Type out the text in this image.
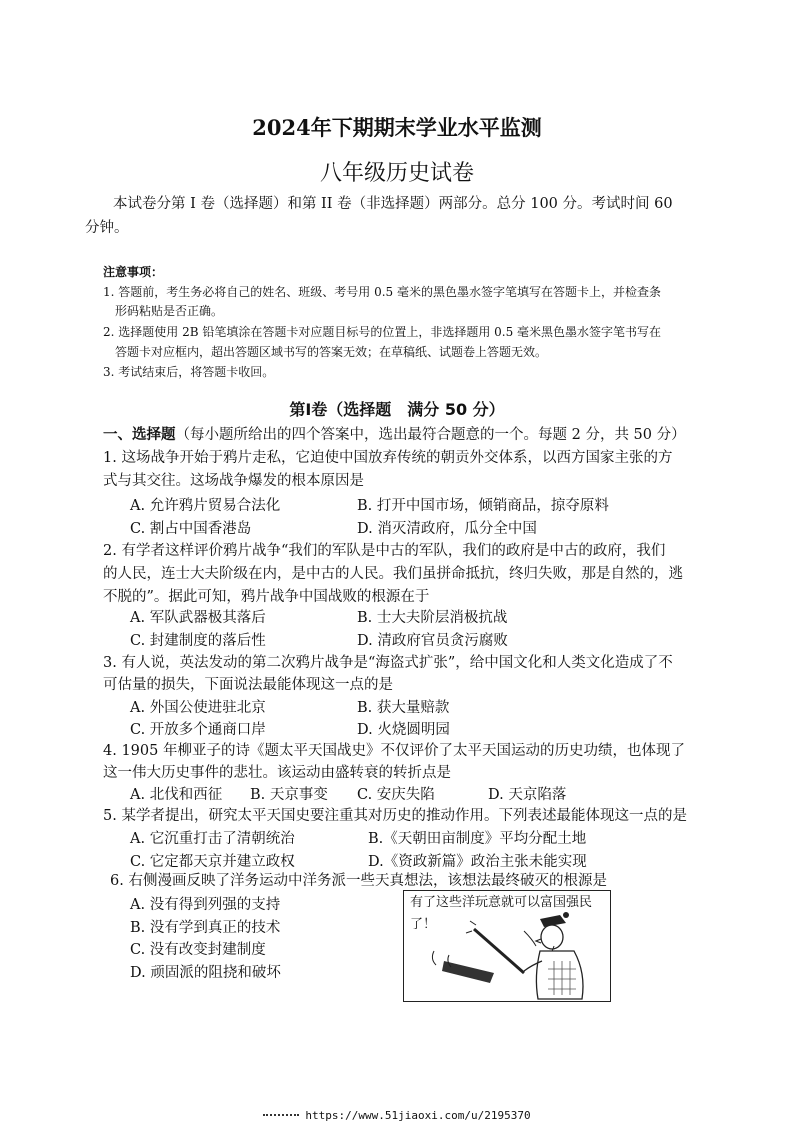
2024年下期期末学业水平监测
八年级历史试卷
本试卷分第 I 卷（选择题）和第 II 卷（非选择题）两部分。总分 100 分。考试时间 60 分钟。
注意事项：
1. 答题前，考生务必将自己的姓名、班级、考号用 0.5 毫米的黑色墨水签字笔填写在答题卡上，并检查条
形码粘贴是否正确。
2. 选择题使用 2B 铅笔填涂在答题卡对应题目标号的位置上，非选择题用 0.5 毫米黑色墨水签字笔书写在
答题卡对应框内，超出答题区域书写的答案无效；在草稿纸、试题卷上答题无效。
3. 考试结束后，将答题卡收回。
第Ⅰ卷（选择题　满分 50 分）
一、选择题（每小题所给出的四个答案中，选出最符合题意的一个。每题 2 分，共 50 分）
1. 这场战争开始于鸦片走私，它迫使中国放弃传统的朝贡外交体系，以西方国家主张的方
式与其交往。这场战争爆发的根本原因是
A. 允许鸦片贸易合法化	B. 打开中国市场，倾销商品，掠夺原料
C. 割占中国香港岛	D. 消灭清政府，瓜分全中国
2. 有学者这样评价鸦片战争“我们的军队是中古的军队，我们的政府是中古的政府，我们
的人民，连士大夫阶级在内，是中古的人民。我们虽拼命抵抗，终归失败，那是自然的，逃
不脱的”。据此可知，鸦片战争中国战败的根源在于
A. 军队武器极其落后	B. 士大夫阶层消极抗战
C. 封建制度的落后性	D. 清政府官员贪污腐败
3. 有人说，英法发动的第二次鸦片战争是“海盗式扩张”，给中国文化和人类文化造成了不
可估量的损失，下面说法最能体现这一点的是
A. 外国公使进驻北京	B. 获大量赔款
C. 开放多个通商口岸	D. 火烧圆明园
4. 1905 年柳亚子的诗《题太平天国战史》不仅评价了太平天国运动的历史功绩，也体现了
这一伟大历史事件的悲壮。该运动由盛转衰的转折点是
A. 北伐和西征 B. 天京事变 C. 安庆失陷	D. 天京陷落
5. 某学者提出，研究太平天国史要注重其对历史的推动作用。下列表述最能体现这一点的是
A. 它沉重打击了清朝统治	B.《天朝田亩制度》平均分配土地
C. 它定都天京并建立政权	D.《资政新篇》政治主张未能实现
6. 右侧漫画反映了洋务运动中洋务派一些天真想法，该想法最终破灭的根源是
A. 没有得到列强的支持
B. 没有学到真正的技术
C. 没有改变封建制度
D. 顽固派的阻挠和破坏
有了这些洋玩意就可以富国强民了！
https://www.51jiaoxi.com/u/2195370
